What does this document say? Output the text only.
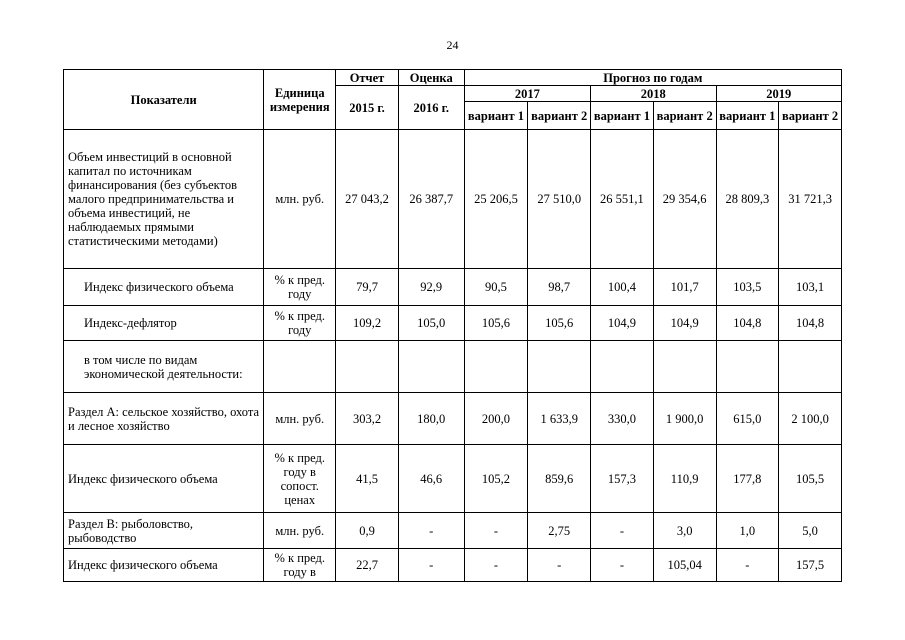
24
Показатели	Единица измерения	Отчет	Оценка	Прогноз по годам					
		2015 г.	2016 г.	2017		2018		2019	
				вариант 1	вариант 2	вариант 1	вариант 2	вариант 1	вариант 2
Объем инвестиций в основной капитал по источникам финансирования (без субъектов малого предпринимательства и объема инвестиций, не наблюдаемых прямыми статистическими методами)	млн. руб.	27 043,2	26 387,7	25 206,5	27 510,0	26 551,1	29 354,6	28 809,3	31 721,3
Индекс физического объема	% к пред. году	79,7	92,9	90,5	98,7	100,4	101,7	103,5	103,1
Индекс-дефлятор	% к пред. году	109,2	105,0	105,6	105,6	104,9	104,9	104,8	104,8
в том числе по видам экономической деятельности:									
Раздел А: сельское хозяйство, охота и лесное хозяйство	млн. руб.	303,2	180,0	200,0	1 633,9	330,0	1 900,0	615,0	2 100,0
Индекс физического объема	% к пред. году в сопост. ценах	41,5	46,6	105,2	859,6	157,3	110,9	177,8	105,5
Раздел В: рыболовство, рыбоводство	млн. руб.	0,9	-	-	2,75	-	3,0	1,0	5,0
Индекс физического объема	% к пред. году в	22,7	-	-	-	-	105,04	-	157,5
